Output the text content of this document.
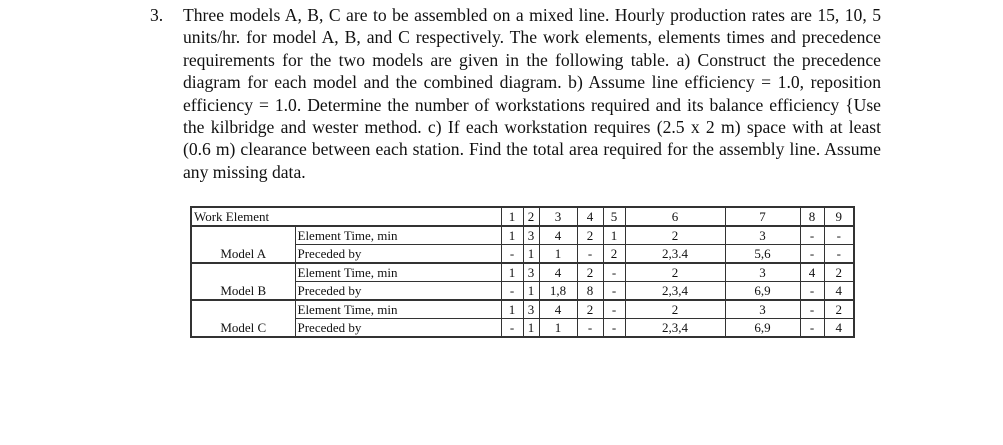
3. Three models A, B, C are to be assembled on a mixed line. Hourly production rates are 15, 10, 5 units/hr. for model A, B, and C respectively. The work elements, elements times and precedence requirements for the two models are given in the following table. a) Construct the precedence diagram for each model and the combined diagram. b) Assume line efficiency = 1.0, reposition efficiency = 1.0. Determine the number of workstations required and its balance efficiency {Use the kilbridge and wester method. c) If each workstation requires (2.5 x 2 m) space with at least (0.6 m) clearance between each station. Find the total area required for the assembly line. Assume any missing data.
Work Element		1	2	3	4	5	6	7	8	9
Model A	Element Time, min	1	3	4	2	1	2	3	-	-
	Preceded by	-	1	1	-	2	2,3.4	5,6	-	-
Model B	Element Time, min	1	3	4	2	-	2	3	4	2
	Preceded by	-	1	1,8	8	-	2,3,4	6,9	-	4
Model C	Element Time, min	1	3	4	2	-	2	3	-	2
	Preceded by	-	1	1	-	-	2,3,4	6,9	-	4
